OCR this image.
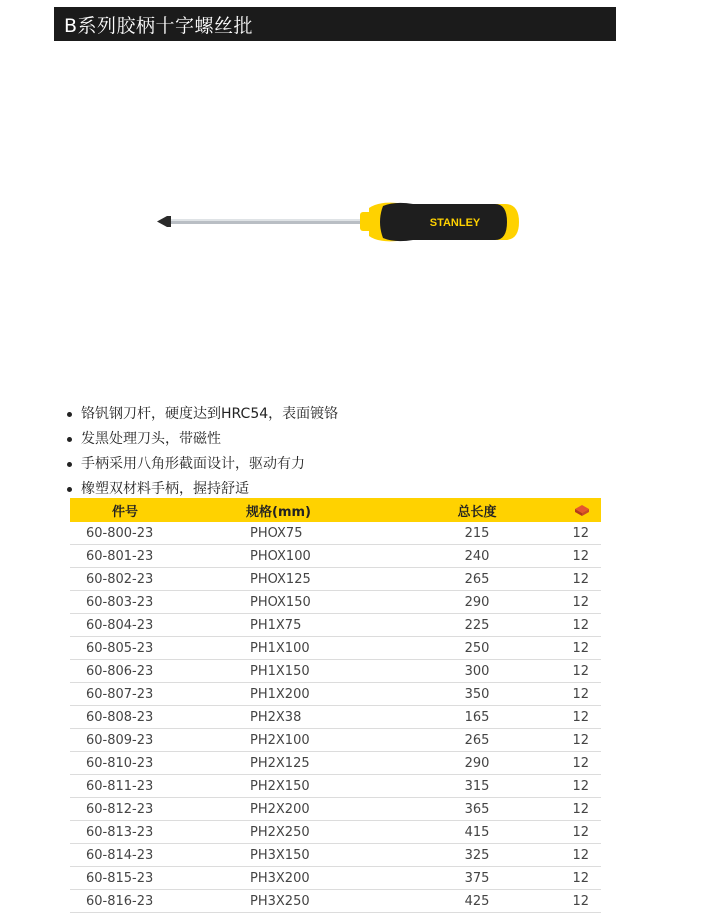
B系列胶柄十字螺丝批
STANLEY
铬钒钢刀杆，硬度达到HRC54，表面镀铬
发黑处理刀头，带磁性
手柄采用八角形截面设计，驱动有力
橡塑双材料手柄，握持舒适
件号	规格(mm)	总长度
60-800-23	PHOX75	215	12
60-801-23	PHOX100	240	12
60-802-23	PHOX125	265	12
60-803-23	PHOX150	290	12
60-804-23	PH1X75	225	12
60-805-23	PH1X100	250	12
60-806-23	PH1X150	300	12
60-807-23	PH1X200	350	12
60-808-23	PH2X38	165	12
60-809-23	PH2X100	265	12
60-810-23	PH2X125	290	12
60-811-23	PH2X150	315	12
60-812-23	PH2X200	365	12
60-813-23	PH2X250	415	12
60-814-23	PH3X150	325	12
60-815-23	PH3X200	375	12
60-816-23	PH3X250	425	12
